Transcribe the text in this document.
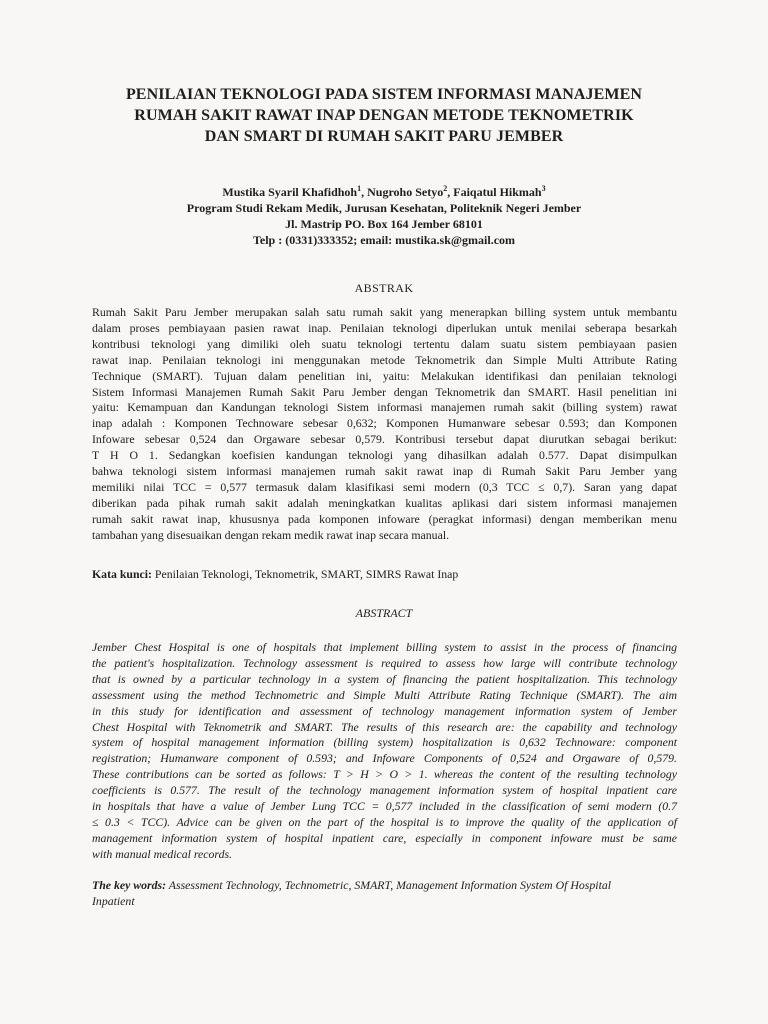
PENILAIAN TEKNOLOGI PADA SISTEM INFORMASI MANAJEMEN
RUMAH SAKIT RAWAT INAP DENGAN METODE TEKNOMETRIK
DAN SMART DI RUMAH SAKIT PARU JEMBER
Mustika Syaril Khafidhoh$^1$, Nugroho Setyo$^2$, Faiqatul Hikmah$^3$
Program Studi Rekam Medik, Jurusan Kesehatan, Politeknik Negeri Jember
Jl. Mastrip PO. Box 164 Jember 68101
Telp : (0331)333352; email: mustika.sk@gmail.com
ABSTRAK

Rumah Sakit Paru Jember merupakan salah satu rumah sakit yang menerapkan billing system untuk membantu
dalam proses pembiayaan pasien rawat inap. Penilaian teknologi diperlukan untuk menilai seberapa besarkah
kontribusi teknologi yang dimiliki oleh suatu teknologi tertentu dalam suatu sistem pembiayaan pasien
rawat inap. Penilaian teknologi ini menggunakan metode Teknometrik dan Simple Multi Attribute Rating
Technique (SMART). Tujuan dalam penelitian ini, yaitu: Melakukan identifikasi dan penilaian teknologi
Sistem Informasi Manajemen Rumah Sakit Paru Jember dengan Teknometrik dan SMART. Hasil penelitian ini
yaitu: Kemampuan dan Kandungan teknologi Sistem informasi manajemen rumah sakit (billing system) rawat
inap adalah : Komponen Technoware sebesar 0,632; Komponen Humanware sebesar 0.593; dan Komponen
Infoware sebesar 0,524 dan Orgaware sebesar 0,579. Kontribusi tersebut dapat diurutkan sebagai berikut:
T H O 1. Sedangkan koefisien kandungan teknologi yang dihasilkan adalah 0.577. Dapat disimpulkan
bahwa teknologi sistem informasi manajemen rumah sakit rawat inap di Rumah Sakit Paru Jember yang
memiliki nilai TCC = 0,577 termasuk dalam klasifikasi semi modern (0,3 TCC ≤ 0,7). Saran yang dapat
diberikan pada pihak rumah sakit adalah meningkatkan kualitas aplikasi dari sistem informasi manajemen
rumah sakit rawat inap, khususnya pada komponen infoware (peragkat informasi) dengan memberikan menu
tambahan yang disesuaikan dengan rekam medik rawat inap secara manual.

Kata kunci: Penilaian Teknologi, Teknometrik, SMART, SIMRS Rawat Inap

ABSTRACT

Jember Chest Hospital is one of hospitals that implement billing system to assist in the process of financing
the patient's hospitalization. Technology assessment is required to assess how large will contribute technology
that is owned by a particular technology in a system of financing the patient hospitalization. This technology
assessment using the method Technometric and Simple Multi Attribute Rating Technique (SMART). The aim
in this study for identification and assessment of technology management information system of Jember
Chest Hospital with Teknometrik and SMART. The results of this research are: the capability and technology
system of hospital management information (billing system) hospitalization is 0,632 Technoware: component
registration; Humanware component of 0.593; and Infoware Components of 0,524 and Orgaware of 0,579.
These contributions can be sorted as follows: T > H > O > 1. whereas the content of the resulting technology
coefficients is 0.577. The result of the technology management information system of hospital inpatient care
in hospitals that have a value of Jember Lung TCC = 0,577 included in the classification of semi modern (0.7
≤ 0.3 < TCC). Advice can be given on the part of the hospital is to improve the quality of the application of
management information system of hospital inpatient care, especially in component infoware must be same
with manual medical records.

The key words: Assessment Technology, Technometric, SMART, Management Information System Of Hospital
Inpatient
